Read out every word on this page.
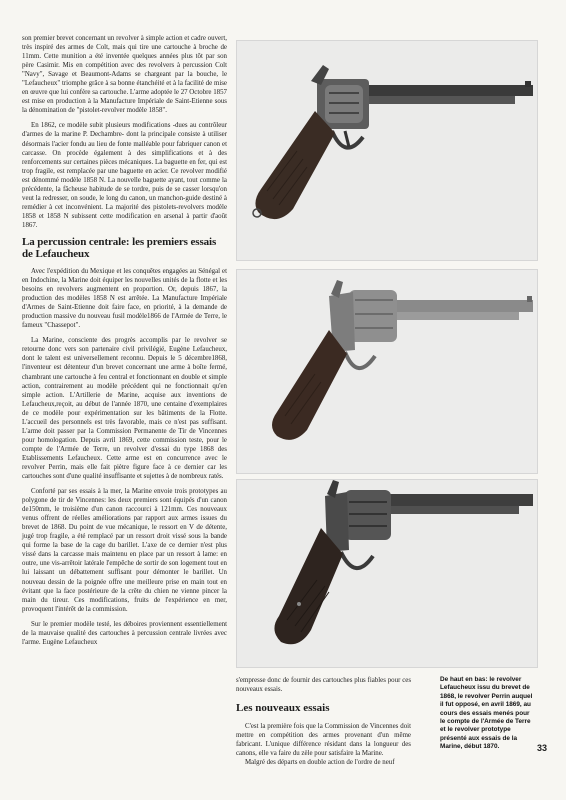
son premier brevet concernant un revolver à simple action et cadre ouvert, très inspiré des armes de Colt, mais qui tire une cartouche à broche de 11mm. Cette munition a été inventée quelques années plus tôt par son père Casimir. Mis en compétition avec des revolvers à percussion Colt "Navy", Savage et Beaumont-Adams se chargeant par la bouche, le "Lefaucheux" triomphe grâce à sa bonne étanchéité et à la facilité de mise en œuvre que lui confère sa cartouche. L'arme adoptée le 27 Octobre 1857 est mise en production à la Manufacture Impériale de Saint-Etienne sous la dénomination de "pistolet-revolver modèle 1858".

En 1862, ce modèle subit plusieurs modifications -dues au contrôleur d'armes de la marine P. Dechambre- dont la principale consiste à utiliser désormais l'acier fondu au lieu de fonte malléable pour fabriquer canon et carcasse. On procède également à des simplifications et à des renforcements sur certaines pièces mécaniques. La baguette en fer, qui est trop fragile, est remplacée par une baguette en acier. Ce revolver modifié est dénommé modèle 1858 N. La nouvelle baguette ayant, tout comme la précédente, la fâcheuse habitude de se tordre, puis de se casser lorsqu'on veut la redresser, on soude, le long du canon, un manchon-guide destiné à remédier à cet inconvénient. La majorité des pistolets-revolvers modèle 1858 et 1858 N subissent cette modification en arsenal à partir d'août 1867.

La percussion centrale: les premiers essais de Lefaucheux

Avec l'expédition du Mexique et les conquêtes engagées au Sénégal et en Indochine, la Marine doit équiper les nouvelles unités de la flotte et les besoins en revolvers augmentent en proportion. Or, depuis 1867, la production des modèles 1858 N est arrêtée. La Manufacture Impériale d'Armes de Saint-Etienne doit faire face, en priorité, à la demande de production massive du nouveau fusil modèle1866 de l'Armée de Terre, le fameux "Chassepot".

La Marine, consciente des progrès accomplis par le revolver se retourne donc vers son partenaire civil privilégié, Eugène Lefaucheux, dont le talent est universellement reconnu. Depuis le 5 décembre1868, l'inventeur est détenteur d'un brevet concernant une arme à boîte fermé, chambrant une cartouche à feu central et fonctionnant en double et simple action, contrairement au modèle précédent qui ne fonctionnait qu'en simple action. L'Artillerie de Marine, acquise aux inventions de Lefaucheux,reçoit, au début de l'année 1870, une centaine d'exemplaires de ce modèle pour expérimentation sur les bâtiments de la Flotte. L'accueil des personnels est très favorable, mais ce n'est pas suffisant. L'arme doit passer par la Commission Permanente de Tir de Vincennes pour homologation. Depuis avril 1869, cette commission teste, pour le compte de l'Armée de Terre, un revolver d'essai du type 1868 des Etablissements Lefaucheux. Cette arme est en concurrence avec le revolver Perrin, mais elle fait piètre figure face à ce dernier car les cartouches sont d'une qualité insuffisante et sujettes à de nombreux ratés.

Conforté par ses essais à la mer, la Marine envoie trois prototypes au polygone de tir de Vincennes: les deux premiers sont équipés d'un canon de150mm, le troisième d'un canon raccourci à 121mm. Ces nouveaux venus offrent de réelles améliorations par rapport aux armes issues du brevet de 1868. Du point de vue mécanique, le ressort en V de détente, jugé trop fragile, a été remplacé par un ressort droit vissé sous la bande qui forme la base de la cage du barillet. L'axe de ce dernier n'est plus vissé dans la carcasse mais maintenu en place par un ressort à lame: en outre, une vis-arrêtoir latérale l'empêche de sortir de son logement tout en lui laissant un débattement suffisant pour démonter le barillet. Un nouveau dessin de la poignée offre une meilleure prise en main tout en évitant que la face postérieure de la crête du chien ne vienne pincer la main du tireur. Ces modifications, fruits de l'expérience en mer, provoquent l'intérêt de la commission.

Sur le premier modèle testé, les déboires proviennent essentiellement de la mauvaise qualité des cartouches à percussion centrale livrées avec l'arme. Eugène Lefaucheux

s'empresse donc de fournir des cartouches plus fiables pour ces nouveaux essais.

Les nouveaux essais

C'est la première fois que la Commission de Vincennes doit mettre en compétition des armes provenant d'un même fabricant. L'unique différence résidant dans la longueur des canons, elle va faire du zèle pour satisfaire la Marine.

Malgré des départs en double action de l'ordre de neuf

De haut en bas: le revolver Lefaucheux issu du brevet de 1868, le revolver Perrin auquel il fut opposé, en avril 1869, au cours des essais menés pour le compte de l'Armée de Terre et le revolver prototype présenté aux essais de la Marine, début 1870.	33
